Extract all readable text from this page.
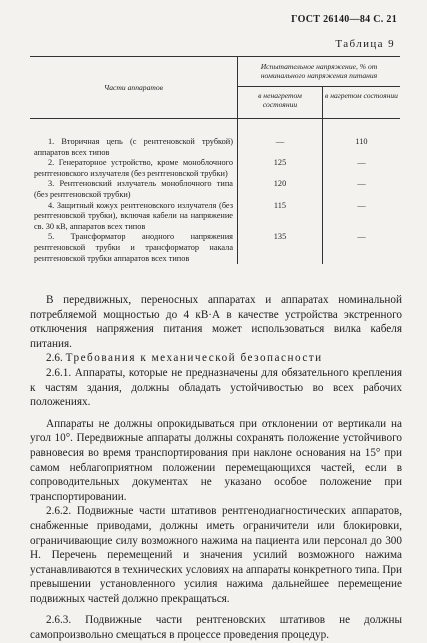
ГОСТ 26140—84 С. 21
Таблица 9
Части аппаратов	Испытательное напряжение, % от номинального напряжения питания	
	в ненагретом состоянии	в нагретом состоянии
1. Вторичная цепь (с рентгеновской трубкой) аппаратов всех типов	—	110
2. Генераторное устройство, кроме моноблочного рентгеновского излучателя (без рентгеновской трубки)	125	—
3. Рентгеновский излучатель моноблочного типа (без рентгеновской трубки)	120	—
4. Защитный кожух рентгеновского излучателя (без рентгеновской трубки), включая кабели на напряжение св. 30 кВ, аппаратов всех типов	115	—
5. Трансформатор анодного напряжения рентгеновской трубки и трансформатор накала рентгеновской трубки аппаратов всех типов	135	—

В передвижных, переносных аппаратах и аппаратах номинальной потребляемой мощностью до 4 кВ·А в качестве устройства экстренного отключения напряжения питания может использоваться вилка кабеля питания.

2.6. Требования к механической безопасности

2.6.1. Аппараты, которые не предназначены для обязательного крепления к частям здания, должны обладать устойчивостью во всех рабочих положениях.

Аппараты не должны опрокидываться при отклонении от вертикали на угол 10°. Передвижные аппараты должны сохранять положение устойчивого равновесия во время транспортирования при наклоне основания на 15° при самом неблагоприятном положении перемещающихся частей, если в сопроводительных документах не указано особое положение при транспортировании.

2.6.2. Подвижные части штативов рентгенодиагностических аппаратов, снабженные приводами, должны иметь ограничители или блокировки, ограничивающие силу возможного нажима на пациента или персонал до 300 Н. Перечень перемещений и значения усилий возможного нажима устанавливаются в технических условиях на аппараты конкретного типа. При превышении установленного усилия нажима дальнейшее перемещение подвижных частей должно прекращаться.

2.6.3. Подвижные части рентгеновских штативов не должны самопроизвольно смещаться в процессе проведения процедур.
